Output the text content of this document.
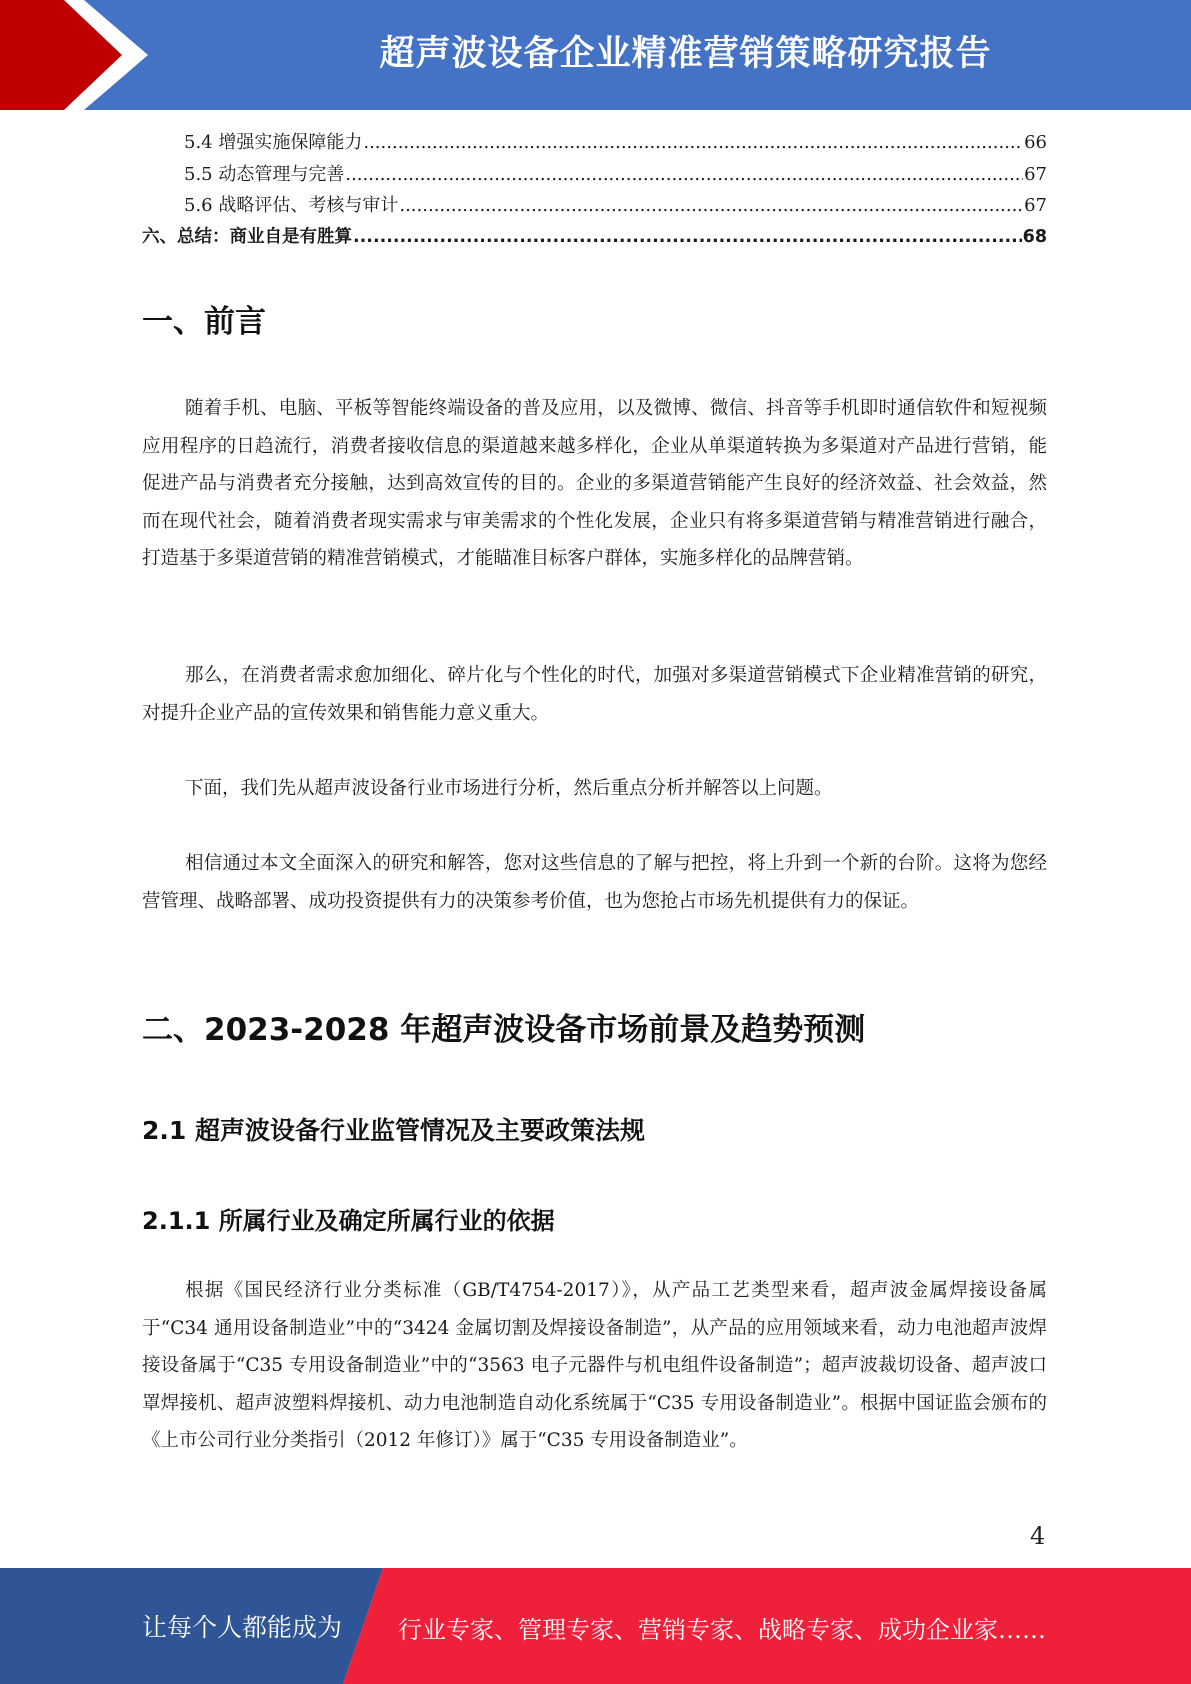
超声波设备企业精准营销策略研究报告
5.4 增强实施保障能力 .....	66
5.5 动态管理与完善 .....	67
5.6 战略评估、考核与审计 .....	67
六、总结：商业自是有胜算 .....	68
一、前言

随着手机、电脑、平板等智能终端设备的普及应用，以及微博、微信、抖音等手机即时通信软件和短视频应用程序的日趋流行，消费者接收信息的渠道越来越多样化，企业从单渠道转换为多渠道对产品进行营销，能促进产品与消费者充分接触，达到高效宣传的目的。企业的多渠道营销能产生良好的经济效益、社会效益，然而在现代社会，随着消费者现实需求与审美需求的个性化发展，企业只有将多渠道营销与精准营销进行融合，打造基于多渠道营销的精准营销模式，才能瞄准目标客户群体，实施多样化的品牌营销。

那么，在消费者需求愈加细化、碎片化与个性化的时代，加强对多渠道营销模式下企业精准营销的研究，对提升企业产品的宣传效果和销售能力意义重大。

下面，我们先从超声波设备行业市场进行分析，然后重点分析并解答以上问题。

相信通过本文全面深入的研究和解答，您对这些信息的了解与把控，将上升到一个新的台阶。这将为您经营管理、战略部署、成功投资提供有力的决策参考价值，也为您抢占市场先机提供有力的保证。

二、2023-2028 年超声波设备市场前景及趋势预测
2.1 超声波设备行业监管情况及主要政策法规
2.1.1 所属行业及确定所属行业的依据

根据《国民经济行业分类标准（GB/T4754-2017）》，从产品工艺类型来看，超声波金属焊接设备属于“C34 通用设备制造业”中的“3424 金属切割及焊接设备制造”，从产品的应用领域来看，动力电池超声波焊接设备属于“C35 专用设备制造业”中的“3563 电子元器件与机电组件设备制造”；超声波裁切设备、超声波口罩焊接机、超声波塑料焊接机、动力电池制造自动化系统属于“C35 专用设备制造业”。根据中国证监会颁布的《上市公司行业分类指引（2012 年修订）》属于“C35 专用设备制造业”。

4
让每个人都能成为 行业专家、管理专家、营销专家、战略专家、成功企业家……
